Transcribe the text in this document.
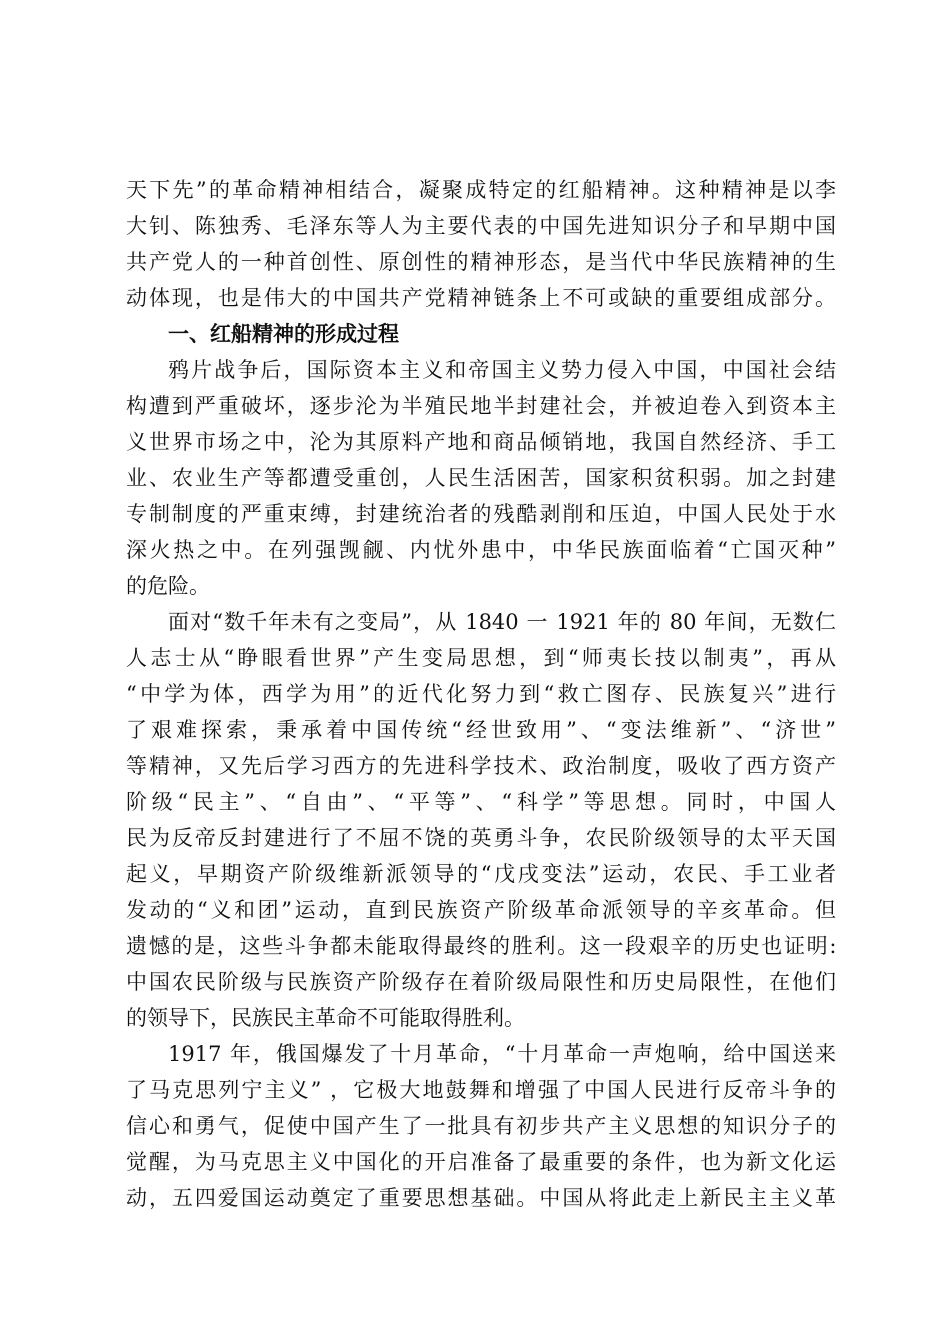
天下先”的革命精神相结合，凝聚成特定的红船精神。这种精神是以李
大钊、陈独秀、毛泽东等人为主要代表的中国先进知识分子和早期中国
共产党人的一种首创性、原创性的精神形态，是当代中华民族精神的生
动体现，也是伟大的中国共产党精神链条上不可或缺的重要组成部分。
一、红船精神的形成过程
鸦片战争后，国际资本主义和帝国主义势力侵入中国，中国社会结
构遭到严重破坏，逐步沦为半殖民地半封建社会，并被迫卷入到资本主
义世界市场之中，沦为其原料产地和商品倾销地，我国自然经济、手工
业、农业生产等都遭受重创，人民生活困苦，国家积贫积弱。加之封建
专制制度的严重束缚，封建统治者的残酷剥削和压迫，中国人民处于水
深火热之中。在列强觊觎、内忧外患中，中华民族面临着“亡国灭种”
的危险。
面对“数千年未有之变局”，从 1840 一 1921 年的 80 年间，无数仁
人志士从“睁眼看世界”产生变局思想，到“师夷长技以制夷”，再从
“中学为体，西学为用”的近代化努力到“救亡图存、民族复兴”进行
了艰难探索，秉承着中国传统“经世致用”、“变法维新”、“济世”
等精神，又先后学习西方的先进科学技术、政治制度，吸收了西方资产
阶级“民主”、“自由”、“平等”、“科学”等思想。同时，中国人
民为反帝反封建进行了不屈不饶的英勇斗争，农民阶级领导的太平天国
起义，早期资产阶级维新派领导的“戊戌变法”运动，农民、手工业者
发动的“义和团”运动，直到民族资产阶级革命派领导的辛亥革命。但
遗憾的是，这些斗争都未能取得最终的胜利。这一段艰辛的历史也证明:
中国农民阶级与民族资产阶级存在着阶级局限性和历史局限性，在他们
的领导下，民族民主革命不可能取得胜利。
1917 年，俄国爆发了十月革命，“十月革命一声炮响，给中国送来
了马克思列宁主义” ，它极大地鼓舞和增强了中国人民进行反帝斗争的
信心和勇气，促使中国产生了一批具有初步共产主义思想的知识分子的
觉醒，为马克思主义中国化的开启准备了最重要的条件，也为新文化运
动，五四爱国运动奠定了重要思想基础。中国从将此走上新民主主义革
